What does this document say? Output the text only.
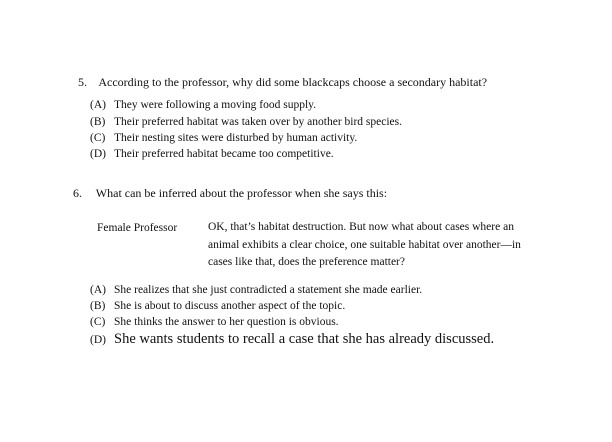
5. According to the professor, why did some blackcaps choose a secondary habitat?
(A) They were following a moving food supply.
(B) Their preferred habitat was taken over by another bird species.
(C) Their nesting sites were disturbed by human activity.
(D) Their preferred habitat became too competitive.
6. What can be inferred about the professor when she says this:
Female Professor	OK, that’s habitat destruction. But now what about cases where an
animal exhibits a clear choice, one suitable habitat over another—in
cases like that, does the preference matter?
(A) She realizes that she just contradicted a statement she made earlier.
(B) She is about to discuss another aspect of the topic.
(C) She thinks the answer to her question is obvious.
(D) She wants students to recall a case that she has already discussed.
